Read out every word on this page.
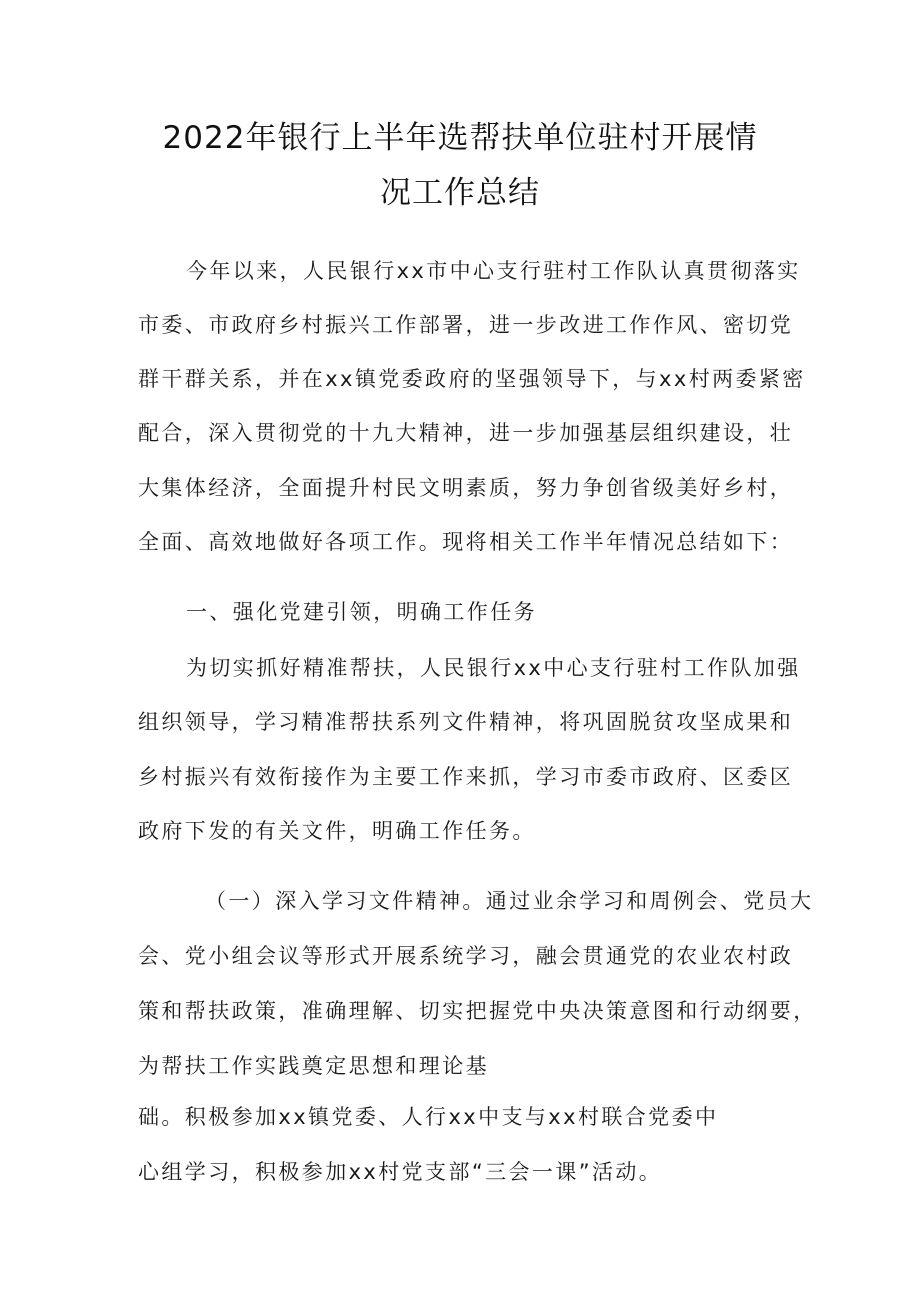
2022年银行上半年选帮扶单位驻村开展情
况工作总结
今年以来，人民银行xx市中心支行驻村工作队认真贯彻落实
市委、市政府乡村振兴工作部署，进一步改进工作作风、密切党
群干群关系，并在xx镇党委政府的坚强领导下，与xx村两委紧密
配合，深入贯彻党的十九大精神，进一步加强基层组织建设，壮
大集体经济，全面提升村民文明素质，努力争创省级美好乡村，
全面、高效地做好各项工作。现将相关工作半年情况总结如下：
一、强化党建引领，明确工作任务
为切实抓好精准帮扶，人民银行xx中心支行驻村工作队加强
组织领导，学习精准帮扶系列文件精神，将巩固脱贫攻坚成果和
乡村振兴有效衔接作为主要工作来抓，学习市委市政府、区委区
政府下发的有关文件，明确工作任务。
（一）深入学习文件精神。通过业余学习和周例会、党员大
会、党小组会议等形式开展系统学习，融会贯通党的农业农村政
策和帮扶政策，准确理解、切实把握党中央决策意图和行动纲要，
为帮扶工作实践奠定思想和理论基
础。积极参加xx镇党委、人行xx中支与xx村联合党委中
心组学习，积极参加xx村党支部“三会一课”活动。
